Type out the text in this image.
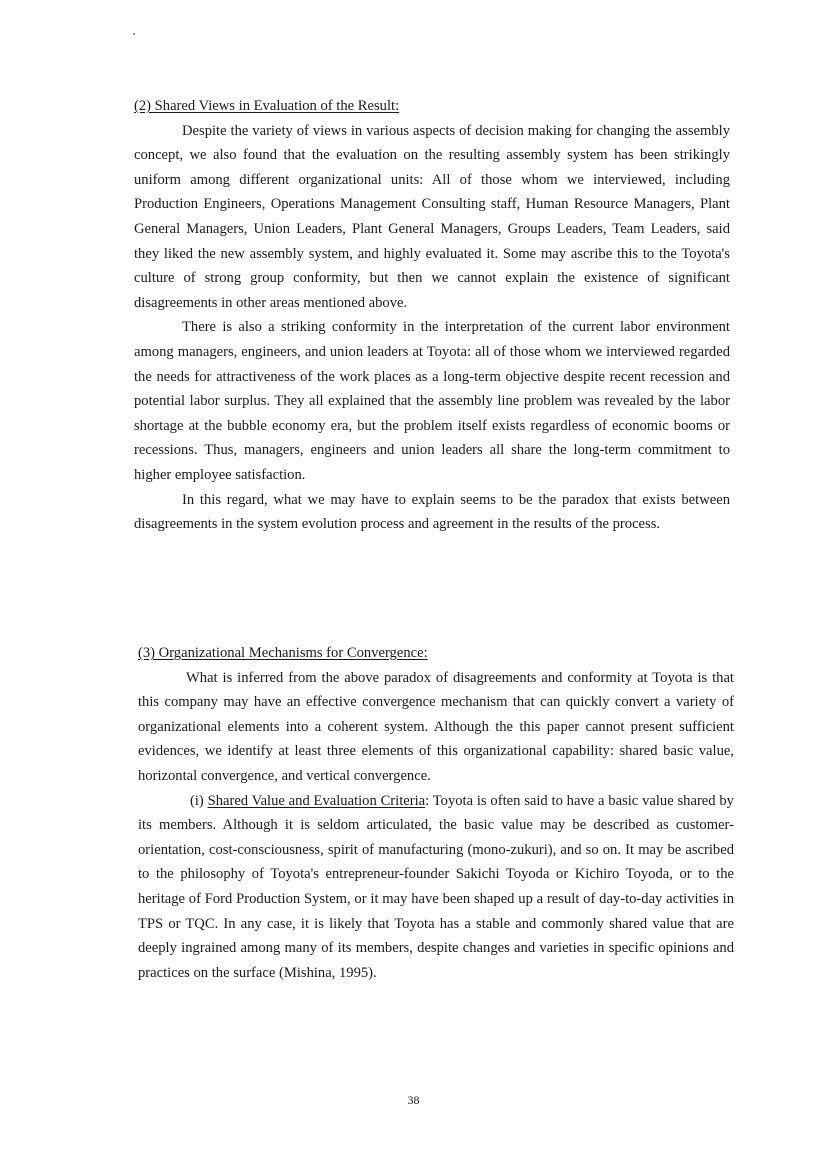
(2) Shared Views in Evaluation of the Result:

Despite the variety of views in various aspects of decision making for changing the assembly concept, we also found that the evaluation on the resulting assembly system has been strikingly uniform among different organizational units: All of those whom we interviewed, including Production Engineers, Operations Management Consulting staff, Human Resource Managers, Plant General Managers, Union Leaders, Plant General Managers, Groups Leaders, Team Leaders, said they liked the new assembly system, and highly evaluated it. Some may ascribe this to the Toyota's culture of strong group conformity, but then we cannot explain the existence of significant disagreements in other areas mentioned above.

There is also a striking conformity in the interpretation of the current labor environment among managers, engineers, and union leaders at Toyota: all of those whom we interviewed regarded the needs for attractiveness of the work places as a long-term objective despite recent recession and potential labor surplus. They all explained that the assembly line problem was revealed by the labor shortage at the bubble economy era, but the problem itself exists regardless of economic booms or recessions. Thus, managers, engineers and union leaders all share the long-term commitment to higher employee satisfaction.

In this regard, what we may have to explain seems to be the paradox that exists between disagreements in the system evolution process and agreement in the results of the process.

(3) Organizational Mechanisms for Convergence:

What is inferred from the above paradox of disagreements and conformity at Toyota is that this company may have an effective convergence mechanism that can quickly convert a variety of organizational elements into a coherent system. Although the this paper cannot present sufficient evidences, we identify at least three elements of this organizational capability: shared basic value, horizontal convergence, and vertical convergence.

(i) Shared Value and Evaluation Criteria: Toyota is often said to have a basic value shared by its members. Although it is seldom articulated, the basic value may be described as customer-orientation, cost-consciousness, spirit of manufacturing (mono-zukuri), and so on. It may be ascribed to the philosophy of Toyota's entrepreneur-founder Sakichi Toyoda or Kichiro Toyoda, or to the heritage of Ford Production System, or it may have been shaped up a result of day-to-day activities in TPS or TQC. In any case, it is likely that Toyota has a stable and commonly shared value that are deeply ingrained among many of its members, despite changes and varieties in specific opinions and practices on the surface (Mishina, 1995).

38
